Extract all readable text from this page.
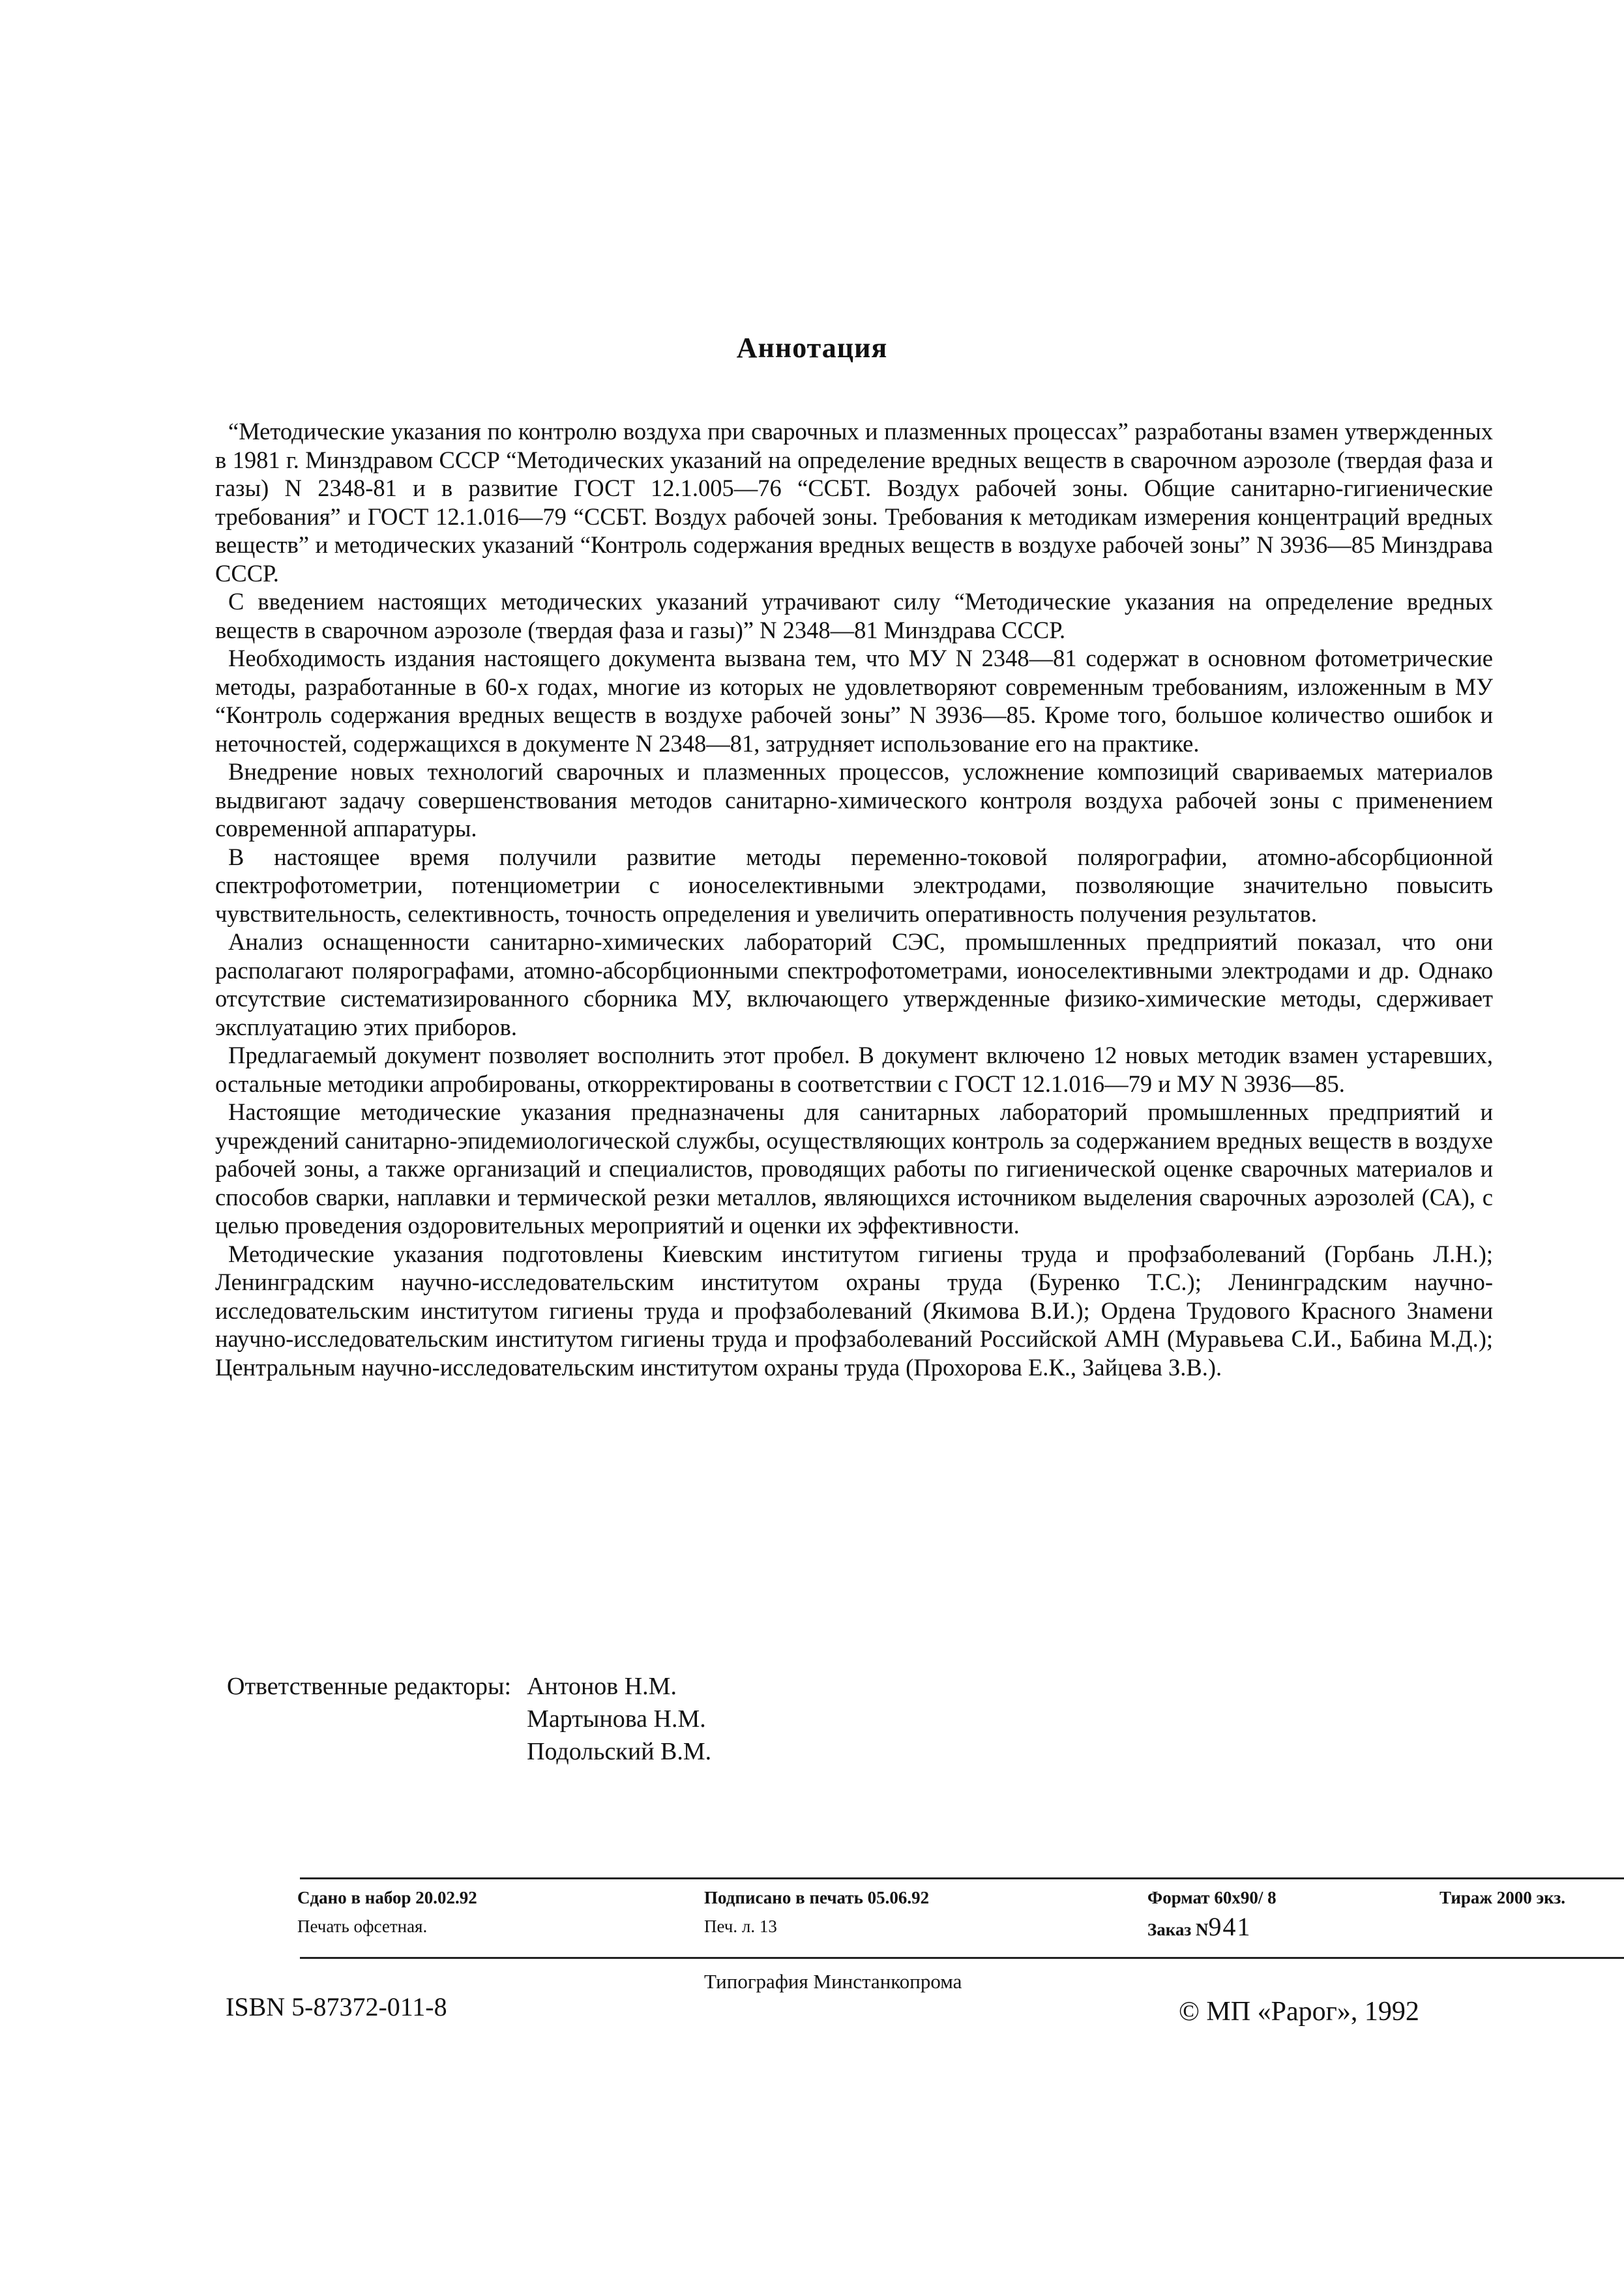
Аннотация

“Методические указания по контролю воздуха при сварочных и плазменных процессах” разработаны взамен утвержденных в 1981 г. Минздравом СССР “Методических указаний на определение вредных веществ в сварочном аэрозоле (твердая фаза и газы) N 2348-81 и в развитие ГОСТ 12.1.005—76 “ССБТ. Воздух рабочей зоны. Общие санитарно-гигиенические требования” и ГОСТ 12.1.016—79 “ССБТ. Воздух рабочей зоны. Требования к методикам измерения концентраций вредных веществ” и методических указаний “Контроль содержания вредных веществ в воздухе рабочей зоны” N 3936—85 Минздрава СССР.

С введением настоящих методических указаний утрачивают силу “Методические указания на определение вредных веществ в сварочном аэрозоле (твердая фаза и газы)” N 2348—81 Минздрава СССР.

Необходимость издания настоящего документа вызвана тем, что МУ N 2348—81 содержат в основном фотометрические методы, разработанные в 60-х годах, многие из которых не удовлетворяют современным требованиям, изложенным в МУ “Контроль содержания вредных веществ в воздухе рабочей зоны” N 3936—85. Кроме того, большое количество ошибок и неточностей, содержащихся в документе N 2348—81, затрудняет использование его на практике.

Внедрение новых технологий сварочных и плазменных процессов, усложнение композиций свариваемых материалов выдвигают задачу совершенствования методов санитарно-химического контроля воздуха рабочей зоны с применением современной аппаратуры.

В настоящее время получили развитие методы переменно-токовой полярографии, атомно-абсорбционной спектрофотометрии, потенциометрии с ионоселективными электродами, позволяющие значительно повысить чувствительность, селективность, точность определения и увеличить оперативность получения результатов.

Анализ оснащенности санитарно-химических лабораторий СЭС, промышленных предприятий показал, что они располагают полярографами, атомно-абсорбционными спектрофотометрами, ионоселективными электродами и др. Однако отсутствие систематизированного сборника МУ, включающего утвержденные физико-химические методы, сдерживает эксплуатацию этих приборов.

Предлагаемый документ позволяет восполнить этот пробел. В документ включено 12 новых методик взамен устаревших, остальные методики апробированы, откорректированы в соответствии с ГОСТ 12.1.016—79 и МУ N 3936—85.

Настоящие методические указания предназначены для санитарных лабораторий промышленных предприятий и учреждений санитарно-эпидемиологической службы, осуществляющих контроль за содержанием вредных веществ в воздухе рабочей зоны, а также организаций и специалистов, проводящих работы по гигиенической оценке сварочных материалов и способов сварки, наплавки и термической резки металлов, являющихся источником выделения сварочных аэрозолей (СА), с целью проведения оздоровительных мероприятий и оценки их эффективности.

Методические указания подготовлены Киевским институтом гигиены труда и профзаболеваний (Горбань Л.Н.); Ленинградским научно-исследовательским институтом охраны труда (Буренко Т.С.); Ленинградским научно-исследовательским институтом гигиены труда и профзаболеваний (Якимова В.И.); Ордена Трудового Красного Знамени научно-исследовательским институтом гигиены труда и профзаболеваний Российской АМН (Муравьева С.И., Бабина М.Д.); Центральным научно-исследовательским институтом охраны труда (Прохорова Е.К., Зайцева З.В.).

Ответственные редакторы: Антонов Н.М.
Мартынова Н.М.
Подольский В.М.
Сдано в набор 20.02.92
Печать офсетная.
Подписано в печать 05.06.92
Печ. л. 13
Формат 60х90/ 8
Заказ N941
Тираж 2000 экз.
ISBN 5-87372-011-8
Типография Минстанкопрома
© МП «Рарог», 1992
